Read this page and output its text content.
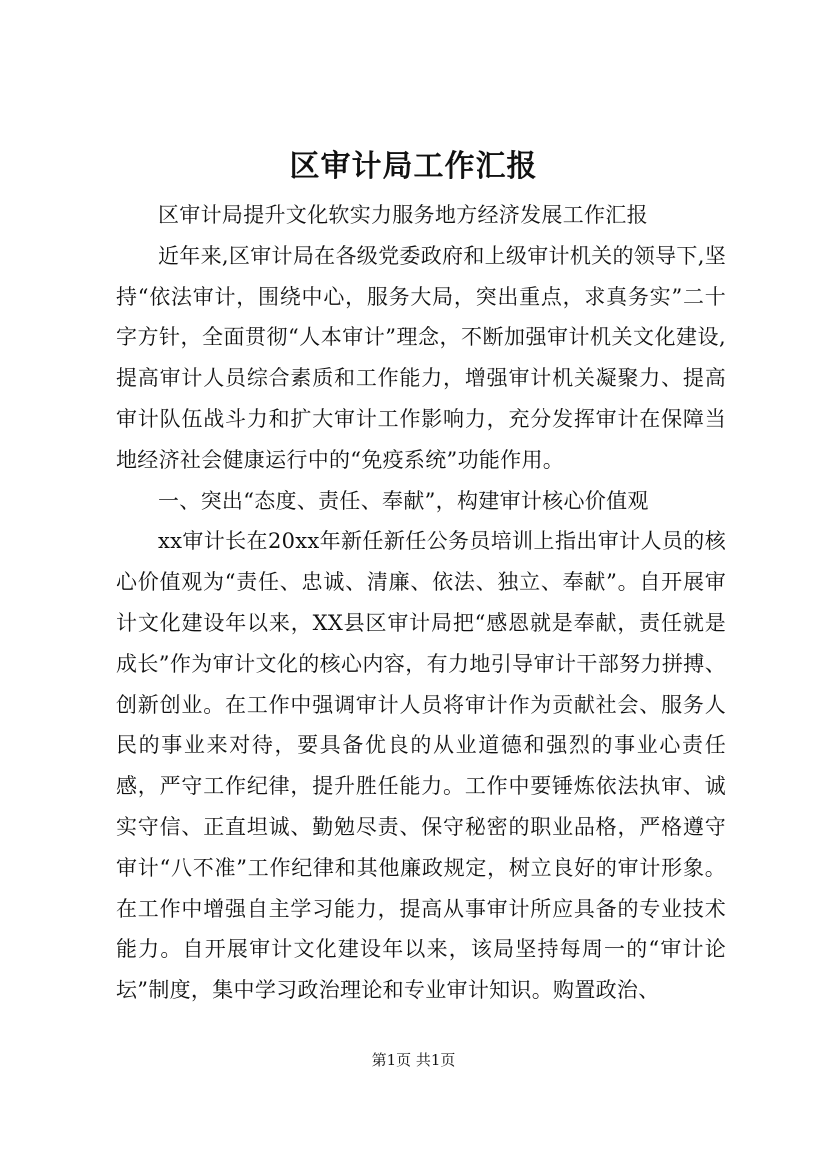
区审计局工作汇报

区审计局提升文化软实力服务地方经济发展工作汇报

近年来,区审计局在各级党委政府和上级审计机关的领导下,坚持“依法审计，围绕中心，服务大局，突出重点，求真务实”二十字方针，全面贯彻“人本审计”理念，不断加强审计机关文化建设,提高审计人员综合素质和工作能力，增强审计机关凝聚力、提高审计队伍战斗力和扩大审计工作影响力，充分发挥审计在保障当地经济社会健康运行中的“免疫系统”功能作用。

一、突出“态度、责任、奉献”，构建审计核心价值观

xx审计长在20xx年新任新任公务员培训上指出审计人员的核心价值观为“责任、忠诚、清廉、依法、独立、奉献”。自开展审计文化建设年以来，XX县区审计局把“感恩就是奉献，责任就是成长”作为审计文化的核心内容，有力地引导审计干部努力拼搏、创新创业。在工作中强调审计人员将审计作为贡献社会、服务人民的事业来对待，要具备优良的从业道德和强烈的事业心责任感，严守工作纪律，提升胜任能力。工作中要锤炼依法执审、诚实守信、正直坦诚、勤勉尽责、保守秘密的职业品格，严格遵守审计“八不准”工作纪律和其他廉政规定，树立良好的审计形象。在工作中增强自主学习能力，提高从事审计所应具备的专业技术能力。自开展审计文化建设年以来，该局坚持每周一的“审计论坛”制度，集中学习政治理论和专业审计知识。购置政治、

第1页 共1页
